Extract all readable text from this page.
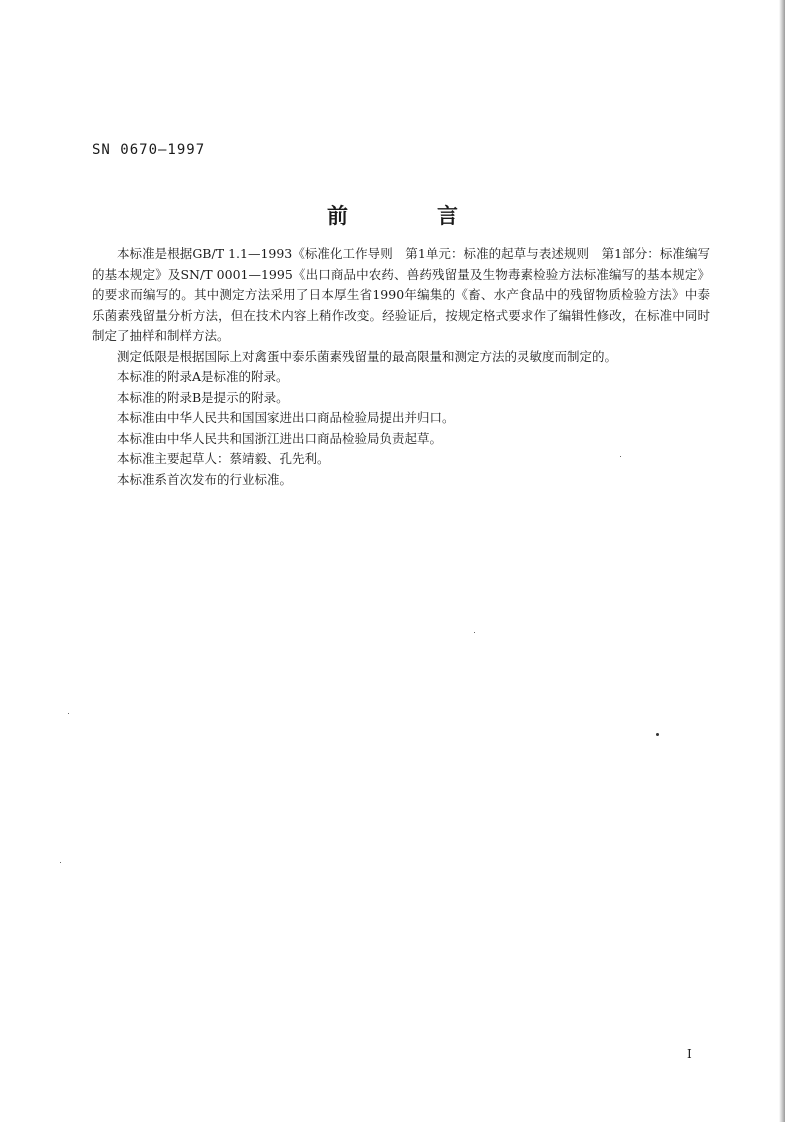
SN 0670—1997
前　言

本标准是根据GB/T 1.1—1993《标准化工作导则　第1单元：标准的起草与表述规则　第1部分：标准编写的基本规定》及SN/T 0001—1995《出口商品中农药、兽药残留量及生物毒素检验方法标准编写的基本规定》的要求而编写的。其中测定方法采用了日本厚生省1990年编集的《畜、水产食品中的残留物质检验方法》中泰乐菌素残留量分析方法，但在技术内容上稍作改变。经验证后，按规定格式要求作了编辑性修改，在标准中同时制定了抽样和制样方法。

测定低限是根据国际上对禽蛋中泰乐菌素残留量的最高限量和测定方法的灵敏度而制定的。

本标准的附录A是标准的附录。

本标准的附录B是提示的附录。

本标准由中华人民共和国国家进出口商品检验局提出并归口。

本标准由中华人民共和国浙江进出口商品检验局负责起草。

本标准主要起草人：蔡靖毅、孔先利。

本标准系首次发布的行业标准。

I
